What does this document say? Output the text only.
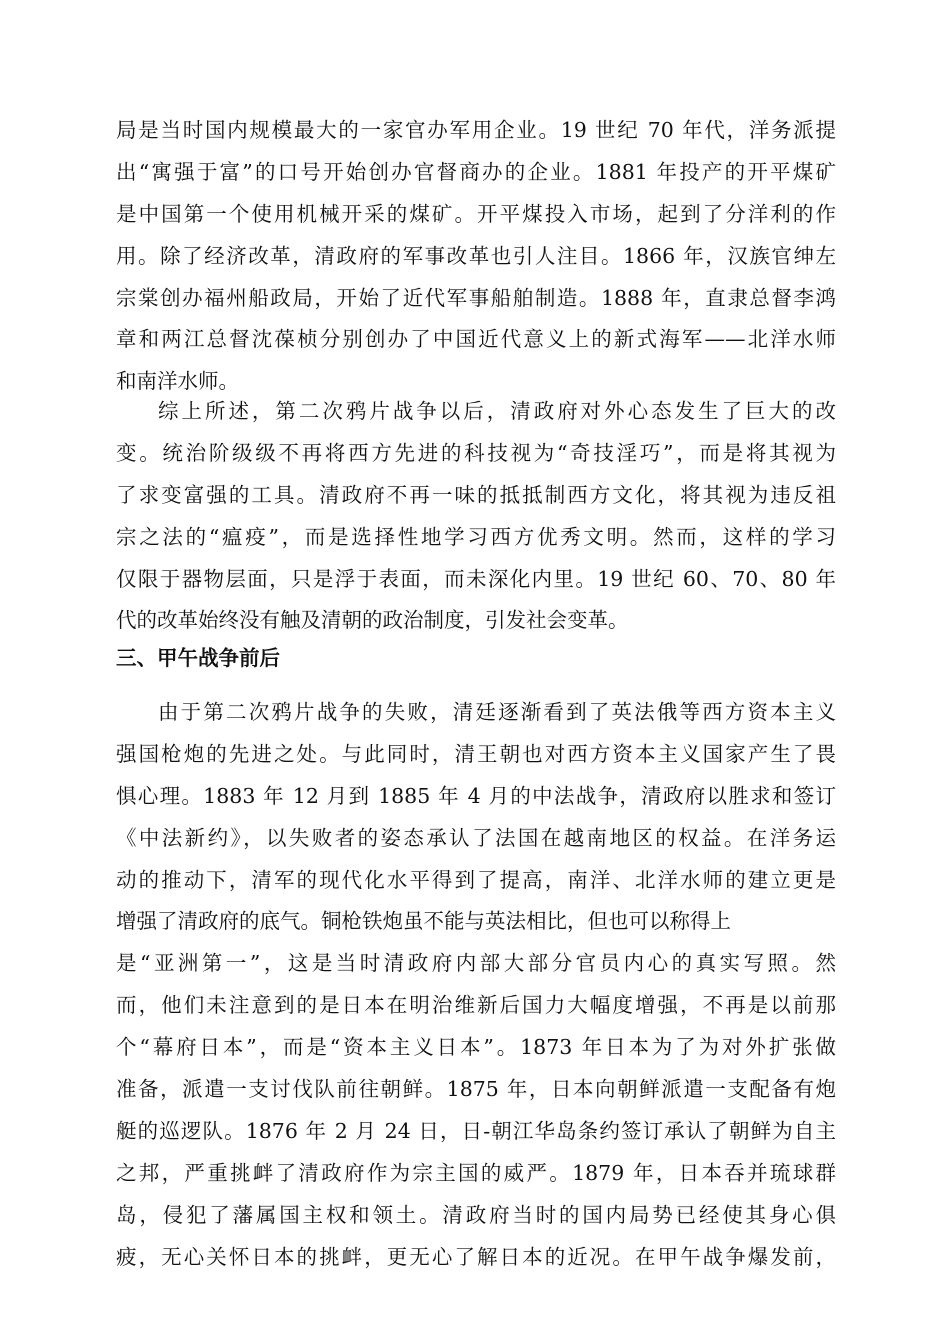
局是当时国内规模最大的一家官办军用企业。19 世纪 70 年代，洋务派提
出“寓强于富”的口号开始创办官督商办的企业。1881 年投产的开平煤矿
是中国第一个使用机械开采的煤矿。开平煤投入市场，起到了分洋利的作
用。除了经济改革，清政府的军事改革也引人注目。1866 年，汉族官绅左
宗棠创办福州船政局，开始了近代军事船舶制造。1888 年，直隶总督李鸿
章和两江总督沈葆桢分别创办了中国近代意义上的新式海军——北洋水师
和南洋水师。
综上所述，第二次鸦片战争以后，清政府对外心态发生了巨大的改
变。统治阶级级不再将西方先进的科技视为“奇技淫巧”，而是将其视为
了求变富强的工具。清政府不再一味的抵抵制西方文化，将其视为违反祖
宗之法的“瘟疫”，而是选择性地学习西方优秀文明。然而，这样的学习
仅限于器物层面，只是浮于表面，而未深化内里。19 世纪 60、70、80 年
代的改革始终没有触及清朝的政治制度，引发社会变革。
三、甲午战争前后
由于第二次鸦片战争的失败，清廷逐渐看到了英法俄等西方资本主义
强国枪炮的先进之处。与此同时，清王朝也对西方资本主义国家产生了畏
惧心理。1883 年 12 月到 1885 年 4 月的中法战争，清政府以胜求和签订
《中法新约》，以失败者的姿态承认了法国在越南地区的权益。在洋务运
动的推动下，清军的现代化水平得到了提高，南洋、北洋水师的建立更是
增强了清政府的底气。铜枪铁炮虽不能与英法相比，但也可以称得上
是“亚洲第一”，这是当时清政府内部大部分官员内心的真实写照。然
而，他们未注意到的是日本在明治维新后国力大幅度增强，不再是以前那
个“幕府日本”，而是“资本主义日本”。1873 年日本为了为对外扩张做
准备，派遣一支讨伐队前往朝鲜。1875 年，日本向朝鲜派遣一支配备有炮
艇的巡逻队。1876 年 2 月 24 日，日-朝江华岛条约签订承认了朝鲜为自主
之邦，严重挑衅了清政府作为宗主国的威严。1879 年，日本吞并琉球群
岛，侵犯了藩属国主权和领土。清政府当时的国内局势已经使其身心俱
疲，无心关怀日本的挑衅，更无心了解日本的近况。在甲午战争爆发前，
